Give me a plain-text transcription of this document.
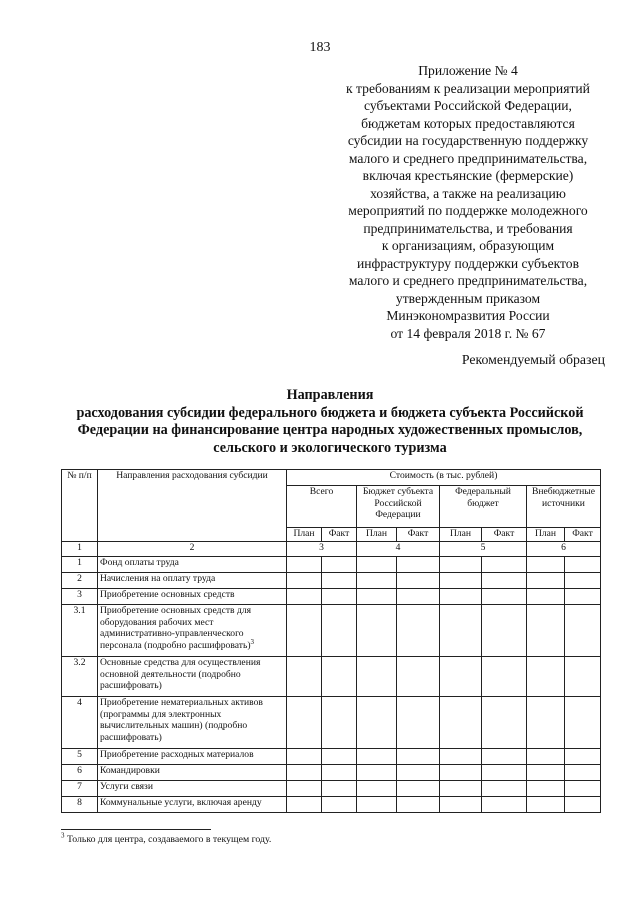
183
Приложение № 4
к требованиям к реализации мероприятий
субъектами Российской Федерации,
бюджетам которых предоставляются
субсидии на государственную поддержку
малого и среднего предпринимательства,
включая крестьянские (фермерские)
хозяйства, а также на реализацию
мероприятий по поддержке молодежного
предпринимательства, и требования
к организациям, образующим
инфраструктуру поддержки субъектов
малого и среднего предпринимательства,
утвержденным приказом
Минэкономразвития России
от 14 февраля 2018 г. № 67
Рекомендуемый образец
Направления
расходования субсидии федерального бюджета и бюджета субъекта Российской
Федерации на финансирование центра народных художественных промыслов,
сельского и экологического туризма
№ п/п	Направления расходования субсидии	Стоимость (в тыс. рублей)							
		Всего		Бюджет субъекта Российской Федерации		Федеральный бюджет		Внебюджетные источники	
		План	Факт	План	Факт	План	Факт	План	Факт
1	2	3		4		5		6	
1	Фонд оплаты труда								
2	Начисления на оплату труда								
3	Приобретение основных средств								
3.1	Приобретение основных средств для оборудования рабочих мест административно-управленческого персонала (подробно расшифровать)$^3$								
3.2	Основные средства для осуществления основной деятельности (подробно расшифровать)								
4	Приобретение нематериальных активов (программы для электронных вычислительных машин) (подробно расшифровать)								
5	Приобретение расходных материалов								
6	Командировки								
7	Услуги связи								
8	Коммунальные услуги, включая аренду								
$^3$ Только для центра, создаваемого в текущем году.
